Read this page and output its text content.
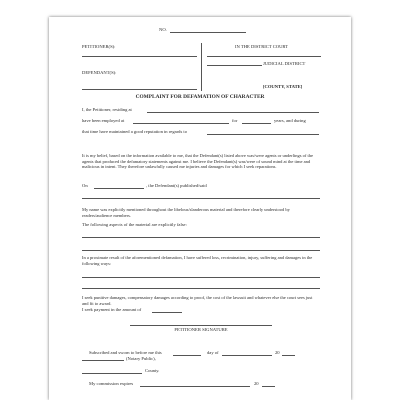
NO.
PETITIONER(S):	IN THE DISTRICT COURT
JUDICIAL DISTRICT
DEFENDANT(S):
[COUNTY, STATE]
COMPLAINT FOR DEFAMATION OF CHARACTER
I, the Petitioner, residing at
have been employed at	for	years, and during
that time have maintained a good reputation in regards to
It is my belief, based on the information available to me, that the Defendant(s) listed above was/were agents or underlings of the agents that produced the defamatory statements against me. I believe the Defendant(s) was/were of sound mind at the time and malicious in intent. They therefore unlawfully caused me injuries and damages for which I seek reparations.
On	, the Defendant(s) published/said
My name was explicitly mentioned throughout the libelous/slanderous material and therefore clearly understood by readers/audience members.
The following aspects of the material are explicitly false:
In a proximate result of the aforementioned defamation, I have suffered loss, recrimination, injury, suffering and damages in the following ways:
I seek punitive damages, compensatory damages according to proof, the cost of the lawsuit and whatever else the court sees just and fit to award.
I seek payment in the amount of
PETITIONER SIGNATURE
Subscribed and sworn to before me this	day of	20
(Notary Public),
County.
My commission expires	20
